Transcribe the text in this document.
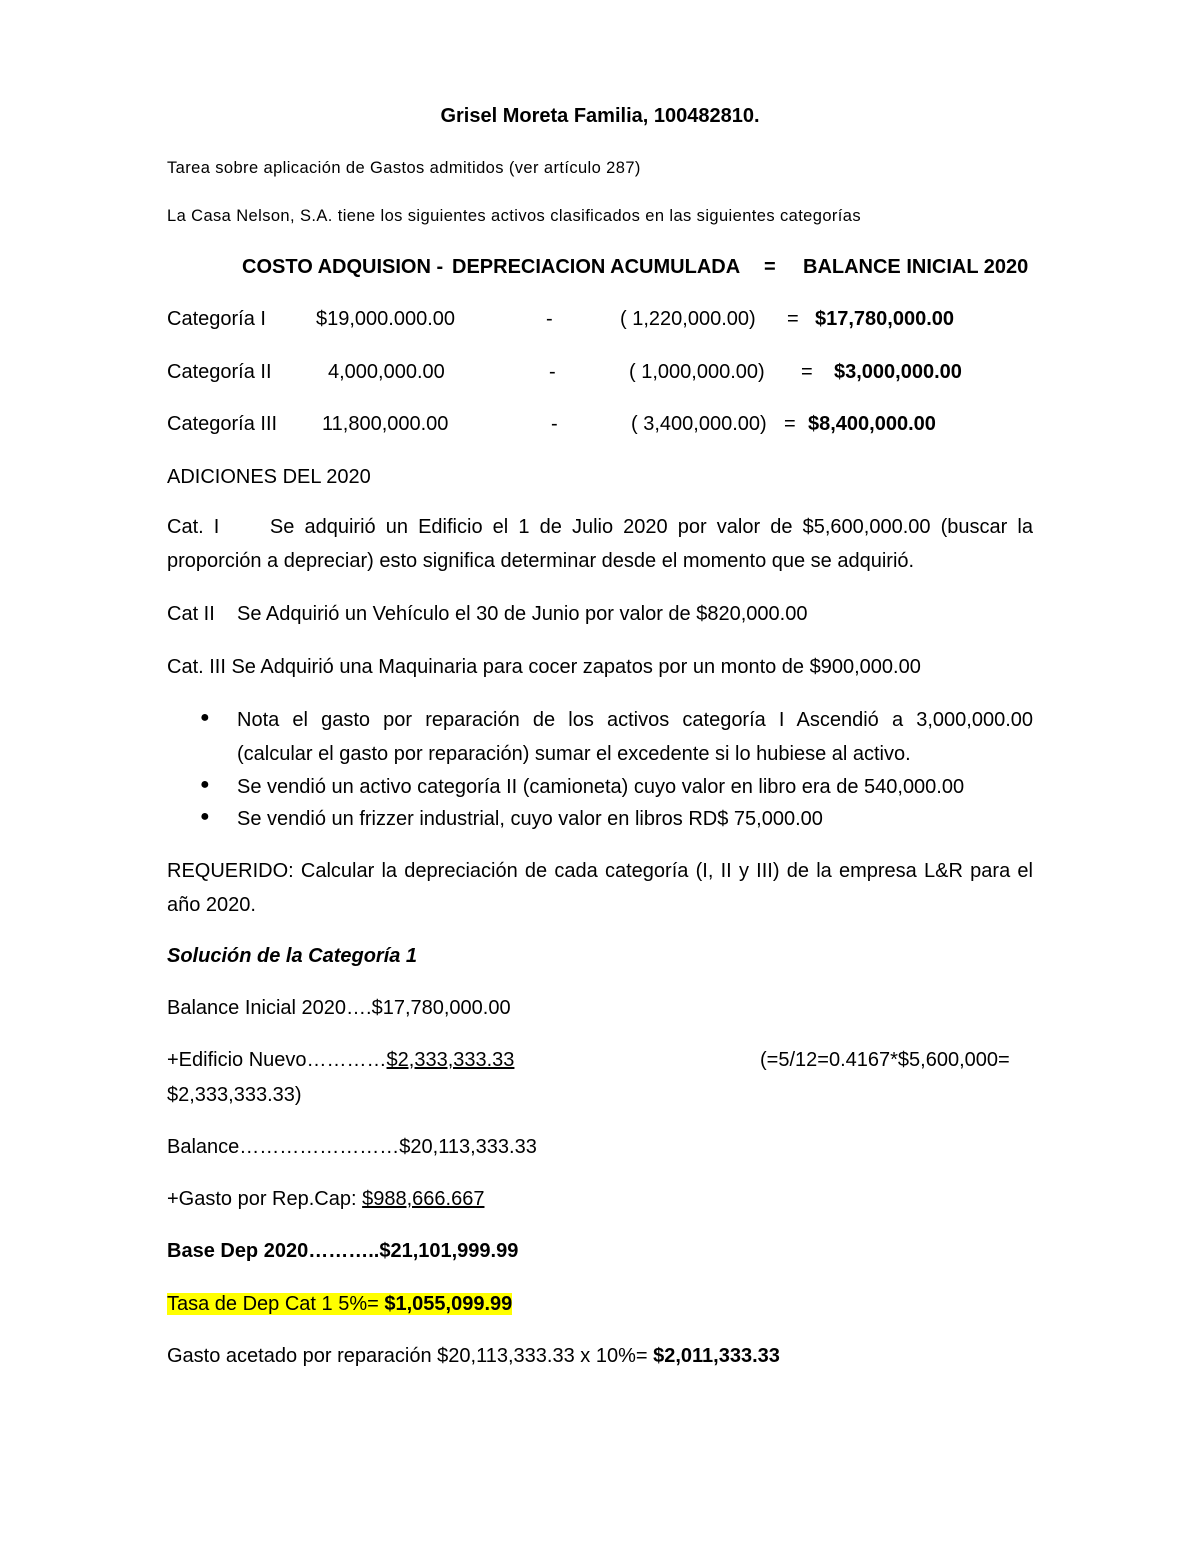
Grisel Moreta Familia, 100482810.
Tarea sobre aplicación de Gastos admitidos (ver artículo 287)
La Casa Nelson, S.A. tiene los siguientes activos clasificados en las siguientes categorías
COSTO ADQUISION - DEPRECIACION ACUMULADA = BALANCE INICIAL 2020
Categoría I	$19,000.000.00	-	( 1,220,000.00) = $17,780,000.00
Categoría II	4,000,000.00	-	( 1,000,000.00) = $3,000,000.00
Categoría III 11,800,000.00	-	( 3,400,000.00) = $8,400,000.00
ADICIONES DEL 2020
Cat. I     Se adquirió un Edificio el 1 de Julio 2020 por valor de $5,600,000.00 (buscar la proporción a depreciar) esto significa determinar desde el momento que se adquirió.
Cat II    Se Adquirió un Vehículo el 30 de Junio por valor de $820,000.00
Cat. III Se Adquirió una Maquinaria para cocer zapatos por un monto de $900,000.00
● Nota el gasto por reparación de los activos categoría I Ascendió a 3,000,000.00
(calcular el gasto por reparación) sumar el excedente si lo hubiese al activo.
● Se vendió un activo categoría II (camioneta) cuyo valor en libro era de 540,000.00
● Se vendió un frizzer industrial, cuyo valor en libros RD$ 75,000.00
REQUERIDO: Calcular la depreciación de cada categoría (I, II y III) de la empresa L&R para el año 2020.
Solución de la Categoría 1
Balance Inicial 2020….$17,780,000.00
+Edificio Nuevo…………$2,333,333.33	(=5/12=0.4167*$5,600,000=
$2,333,333.33)
Balance……………………$20,113,333.33
+Gasto por Rep.Cap: $988,666.667
Base Dep 2020………..$21,101,999.99
Tasa de Dep Cat 1 5%= $1,055,099.99
Gasto acetado por reparación $20,113,333.33 x 10%= $2,011,333.33
